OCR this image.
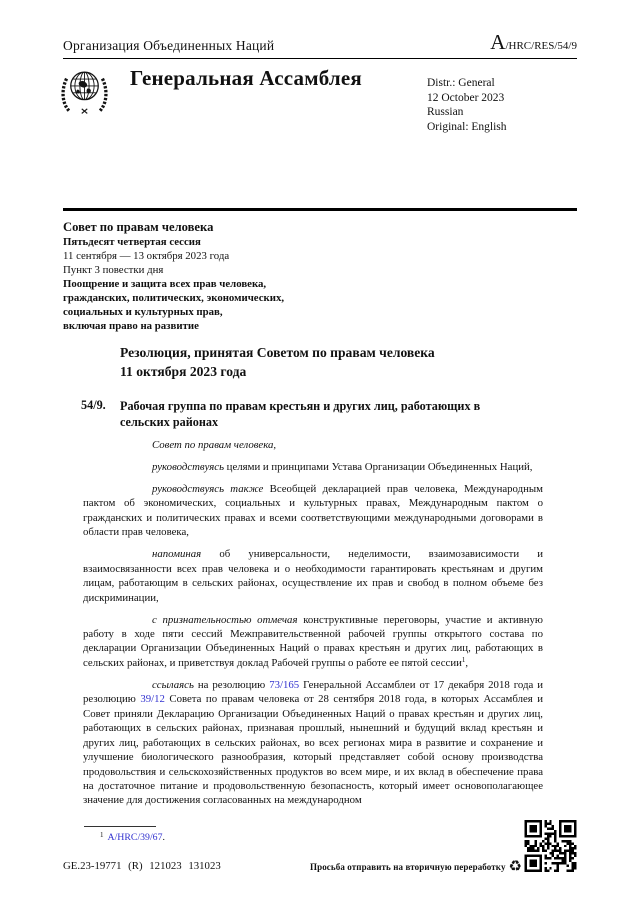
Организация Объединенных Наций	A/HRC/RES/54/9
Генеральная Ассамблея	Distr.: General
12 October 2023
Russian
Original: English
Совет по правам человека
Пятьдесят четвертая сессия
11 сентября — 13 октября 2023 года
Пункт 3 повестки дня
Поощрение и защита всех прав человека,
гражданских, политических, экономических,
социальных и культурных прав,
включая право на развитие
Резолюция, принятая Советом по правам человека
11 октября 2023 года
54/9.	Рабочая группа по правам крестьян и других лиц, работающих в сельских районах

Совет по правам человека,

руководствуясь целями и принципами Устава Организации Объединенных Наций,

руководствуясь также Всеобщей декларацией прав человека, Международным пактом об экономических, социальных и культурных правах, Международным пактом о гражданских и политических правах и всеми соответствующими международными договорами в области прав человека,

напоминая об универсальности, неделимости, взаимозависимости и взаимосвязанности всех прав человека и о необходимости гарантировать крестьянам и другим лицам, работающим в сельских районах, осуществление их прав и свобод в полном объеме без дискриминации,

с признательностью отмечая конструктивные переговоры, участие и активную работу в ходе пяти сессий Межправительственной рабочей группы открытого состава по декларации Организации Объединенных Наций о правах крестьян и других лиц, работающих в сельских районах, и приветствуя доклад Рабочей группы о работе ее пятой сессии$^1$,

ссылаясь на резолюцию 73/165 Генеральной Ассамблеи от 17 декабря 2018 года и резолюцию 39/12 Совета по правам человека от 28 сентября 2018 года, в которых Ассамблея и Совет приняли Декларацию Организации Объединенных Наций о правах крестьян и других лиц, работающих в сельских районах, признавая прошлый, нынешний и будущий вклад крестьян и других лиц, работающих в сельских районах, во всех регионах мира в развитие и сохранение и улучшение биологического разнообразия, который представляет собой основу производства продовольствия и сельскохозяйственных продуктов во всем мире, и их вклад в обеспечение права на достаточное питание и продовольственную безопасность, который имеет основополагающее значение для достижения согласованных на международном

$^1$ A/HRC/39/67.
GE.23-19771 (R) 121023 131023	Просьба отправить на вторичную переработку ♻
